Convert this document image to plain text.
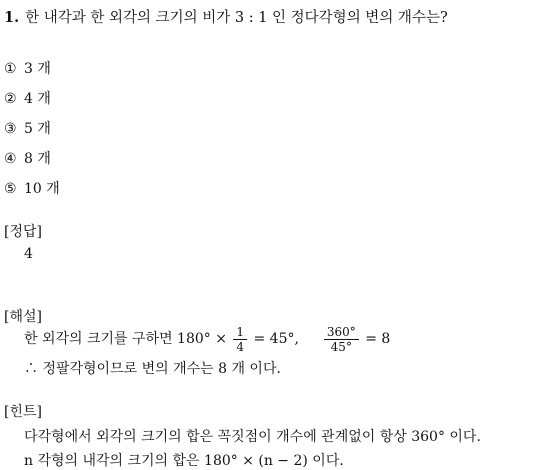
1. 한 내각과 한 외각의 크기의 비가 3 : 1 인 정다각형의 변의 개수는?
① 3 개
② 4 개
③ 5 개
④ 8 개
⑤ 10 개
[정답]
4
[해설]
한 외각의 크기를 구하면 $180^\circ \times \frac{1}{4} = 45^\circ$, $\frac{360^\circ}{45^\circ} = 8$
∴ 정팔각형이므로 변의 개수는 8 개 이다.
[힌트]
다각형에서 외각의 크기의 합은 꼭짓점이 개수에 관계없이 항상 360° 이다.
n 각형의 내각의 크기의 합은 180° × (n − 2) 이다.
